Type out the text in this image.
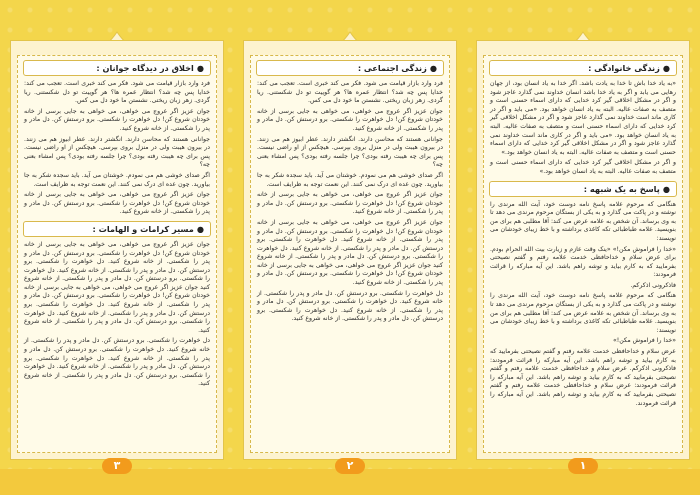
●اخلاق در دیدگاه جوانان :

فرد وارد بازار قیامت می شود. فکر می کند خبری است. تعجب می کند: خدایا پس چه شد؟ انتظار عمره ها؟ هر گوییت تو دل شکستنی. ریا گردی. زهر زبان ریختی. نشستن ما خود دل می کس.

جوان عزیز اگر عروج می خواهی، می خواهی به جایی برسی از خانه خودتان شروع کن! دل خواهرت را شکستی. برو درستش کن. دل مادر و پدر را شکستی. از خانه شروع کنید.

جوانانی هستند که محاسن دارند. انگشتر دارند. عطر ابیوز هم می زنند. در بیرون هیبت ولی در منزل بروی بپرسی. هیچکس از او راضی نیست. پس برای چه هیبت رفته بودی؟ چرا جلسه رفته بودی؟ پس امشاء بعنی چه؟

اگر صدای خوشی هم می نمودم. خوشتان می آید. باید سجده شکر به جا بیاورید. چون عده ای درک نمی کنند. این نعمت توجه به ظرایف است.

جوان عزیز اگر عروج می خواهی، می خواهی به جایی برسی از خانه خودتان شروع کن! دل خواهرت را شکستی. برو درستش کن. دل مادر و پدر را شکستی. از خانه شروع کنید.

●مسیر کرامات و الهامات :

جوان عزیز اگر عروج می خواهی، می خواهی به جایی برسی از خانه خودتان شروع کن! دل خواهرت را شکستی. برو درستش کن. دل مادر و پدر را شکستی. از خانه شروع کنید. دل خواهرت را شکستی. برو درستش کن. دل مادر و پدر را شکستی. از خانه شروع کنید. دل خواهرت را شکستی. برو درستش کن. دل مادر و پدر را شکستی. از خانه شروع کنید جوان عزیز اگر عروج می خواهی، می خواهی به جایی برسی از خانه خودتان شروع کن! دل خواهرت را شکستی. برو درستش کن. دل مادر و پدر را شکستی. از خانه شروع کنید. دل خواهرت را شکستی. برو درستش کن. دل مادر و پدر را شکستی. از خانه شروع کنید. دل خواهرت را شکستی. برو درستش کن. دل مادر و پدر را شکستی. از خانه شروع کنید.

دل خواهرت را شکستی. برو درستش کن. دل مادر و پدر را شکستی. از خانه شروع کنید. دل خواهرت را شکستی. برو درستش کن. دل مادر و پدر را شکستی. از خانه شروع کنید. دل خواهرت را شکستی. برو درستش کن. دل مادر و پدر را شکستی. از خانه شروع کنید. دل خواهرت را شکستی. برو درستش کن. دل مادر و پدر را شکستی. از خانه شروع کنید.

۳
●زندگی اجتماعی :

فرد وارد بازار قیامت می شود. فکر می کند خبری است. تعجب می کند: خدایا پس چه شد؟ انتظار عمره ها؟ هر گوییت تو دل شکستنی. ریا گردی. زهر زبان ریختی. نشستن ما خود دل می کس.

جوان عزیز اگر عروج می خواهی، می خواهی به جایی برسی از خانه خودتان شروع کن! دل خواهرت را شکستی. برو درستش کن. دل مادر و پدر را شکستی. از خانه شروع کنید.

جوانانی هستند که محاسن دارند. انگشتر دارند. عطر ابیوز هم می زنند. در بیرون هیبت ولی در منزل بروی بپرسی. هیچکس از او راضی نیست. پس برای چه هیبت رفته بودی؟ چرا جلسه رفته بودی؟ پس امشاء بعنی چه؟

اگر صدای خوشی هم می نمودم. خوشتان می آید. باید سجده شکر به جا بیاورید. چون عده ای درک نمی کنند. این نعمت توجه به ظرایف است.

جوان عزیز اگر عروج می خواهی، می خواهی به جایی برسی از خانه خودتان شروع کن! دل خواهرت را شکستی. برو درستش کن. دل مادر و پدر را شکستی. از خانه شروع کنید.

جوان عزیز اگر عروج می خواهی، می خواهی به جایی برسی از خانه خودتان شروع کن! دل خواهرت را شکستی. برو درستش کن. دل مادر و پدر را شکستی. از خانه شروع کنید. دل خواهرت را شکستی. برو درستش کن. دل مادر و پدر را شکستی. از خانه شروع کنید. دل خواهرت را شکستی. برو درستش کن. دل مادر و پدر را شکستی. از خانه شروع کنید جوان عزیز اگر عروج می خواهی، می خواهی به جایی برسی از خانه خودتان شروع کن! دل خواهرت را شکستی. برو درستش کن. دل مادر و پدر را شکستی. از خانه شروع کنید.

دل خواهرت را شکستی. برو درستش کن. دل مادر و پدر را شکستی. از خانه شروع کنید. دل خواهرت را شکستی. برو درستش کن. دل مادر و پدر را شکستی. از خانه شروع کنید. دل خواهرت را شکستی. برو درستش کن. دل مادر و پدر را شکستی. از خانه شروع کنید.

۲
●زندگی خانوادگی :

«به یاد خدا باش تا خدا به یادت باشد. اگر خدا به یاد انسان بود، از جهان رهایی می یابد و اگر به یاد خدا باشد انسان خداوند نمی گذارد عاجز شود و اگر در مشکل اخلاقی گیر کرد خدایی که دارای اسماء حسنی است و متصف به صفات عالیه. البته به یاد انسان خواهد بود. «می باید و اگر در کاری ماند است خداوند نمی گذارد عاجز شود و اگر در مشکل اخلاقی گیر کرد خدایی که دارای اسماء حسنی است و متصف به صفات عالیه. البته به یاد انسان خواهد بود. «می باید و اگر در کاری ماند است خداوند نمی گذارد عاجز شود و اگر در مشکل اخلاقی گیر کرد خدایی که دارای اسماء حسنی است و متصف به صفات عالیه. البته به یاد انسان خواهد بود.»

و اگر در مشکل اخلاقی گیر کرد خدایی که دارای اسماء حسنی است و متصف به صفات عالیه. البته به یاد انسان خواهد بود.»

●پاسخ به یک شبهه :

هنگامی که مرحوم علامه پاسخ نامه دوست خود، آیت الله مرندی را نوشته و در پاکت می گذارد و به یکی از بستگان مرحوم مرندی می دهد تا به وی برساند. آن شخص به علامه عرض می کند: آقا مطلبی هم برای من بنویسید. علامه طباطبائی تکه کاغذی برداشته و با خط زیبای خودشان می نویسند:

«خدا را فراموش مکن!» «ینک وقت عازم و زیارت بیت الله الحرام بودم. برای عرض سلام و خداحافظی خدمت علامه رفتم و گفتم نصیحتی بفرمایید که به کارم بیاید و توشه راهم باشد. این آیه مبارکه را قرائت فرمودند:

فاذکرونی اذکرکم.

هنگامی که مرحوم علامه پاسخ نامه دوست خود، آیت الله مرندی را نوشته و در پاکت می گذارد و به یکی از بستگان مرحوم مرندی می دهد تا به وی برساند. آن شخص به علامه عرض می کند: آقا مطلبی هم برای من بنویسید. علامه طباطبائی تکه کاغذی برداشته و با خط زیبای خودشان می نویسند:

«خدا را فراموش مکن!»

عرض سلام و خداحافظی خدمت علامه رفتم و گفتم نصیحتی بفرمایید که به کارم بیاید و توشه راهم باشد. این آیه مبارکه را قرائت فرمودند: فاذکرونی اذکرکم. عرض سلام و خداحافظی خدمت علامه رفتم و گفتم نصیحتی بفرمایید که به کارم بیاید و توشه راهم باشد. این آیه مبارکه را قرائت فرمودند: عرض سلام و خداحافظی خدمت علامه رفتم و گفتم نصیحتی بفرمایید که به کارم بیاید و توشه راهم باشد. این آیه مبارکه را قرائت فرمودند.

۱
